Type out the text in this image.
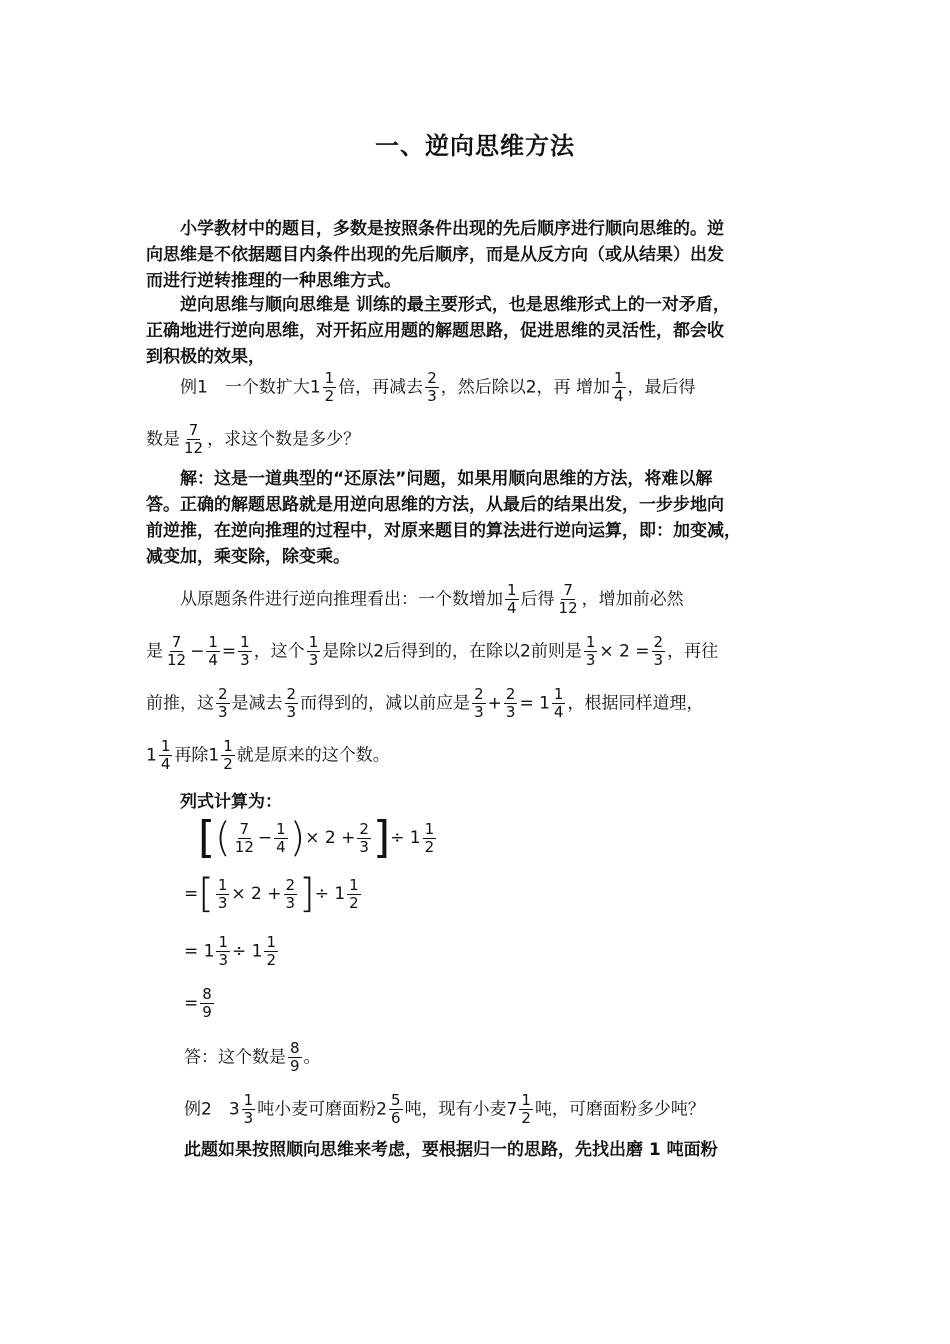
一、逆向思维方法
小学教材中的题目，多数是按照条件出现的先后顺序进行顺向思维的。逆
向思维是不依据题目内条件出现的先后顺序，而是从反方向（或从结果）出发
而进行逆转推理的一种思维方式。
逆向思维与顺向思维是 训练的最主要形式，也是思维形式上的一对矛盾，
正确地进行逆向思维，对开拓应用题的解题思路，促进思维的灵活性，都会收
到积极的效果，
例1　一个数扩大$1 \frac{1}{2}$ 倍，再减去 $\frac{2}{3}$ ，然后除以2，再 增加 $\frac{1}{4}$ ，最后得
数是 $\frac{7}{12}$ ，求这个数是多少？
解：这是一道典型的“还原法”问题，如果用顺向思维的方法，将难以解
答。正确的解题思路就是用逆向思维的方法，从最后的结果出发，一步步地向
前逆推，在逆向推理的过程中，对原来题目的算法进行逆向运算，即：加变减，
减变加，乘变除，除变乘。
从原题条件进行逆向推理看出：一个数增加 $\frac{1}{4}$ 后得 $\frac{7}{12}$ ，增加前必然
是 $\frac{7}{12} - \frac{1}{4} = \frac{1}{3}$ ，这个 $\frac{1}{3}$ 是除以2后得到的，在除以2前则是 $\frac{1}{3} \times 2 = \frac{2}{3}$ ，再往
前推，这 $\frac{2}{3}$ 是减去 $\frac{2}{3}$ 而得到的，减以前应是 $\frac{2}{3} + \frac{2}{3} = 1 \frac{1}{4}$ ，根据同样道理，
$1 \frac{1}{4}$ 再除$1 \frac{1}{2}$ 就是原来的这个数。
列式计算为：
[( $\frac{7}{12} - \frac{1}{4}$ )× $2 + \frac{2}{3}$ ]÷ $1 \frac{1}{2}$
=[ $\frac{1}{3} \times 2 + \frac{2}{3}$ ]÷ $1 \frac{1}{2}$
= $1 \frac{1}{3} \div 1 \frac{1}{2}$
= $\frac{8}{9}$
答：这个数是 $\frac{8}{9}$ 。
例2　$3 \frac{1}{3}$ 吨小麦可磨面粉$2 \frac{5}{6}$ 吨，现有小麦$7 \frac{1}{2}$ 吨，可磨面粉多少吨？
此题如果按照顺向思维来考虑，要根据归一的思路，先找出磨 1 吨面粉
